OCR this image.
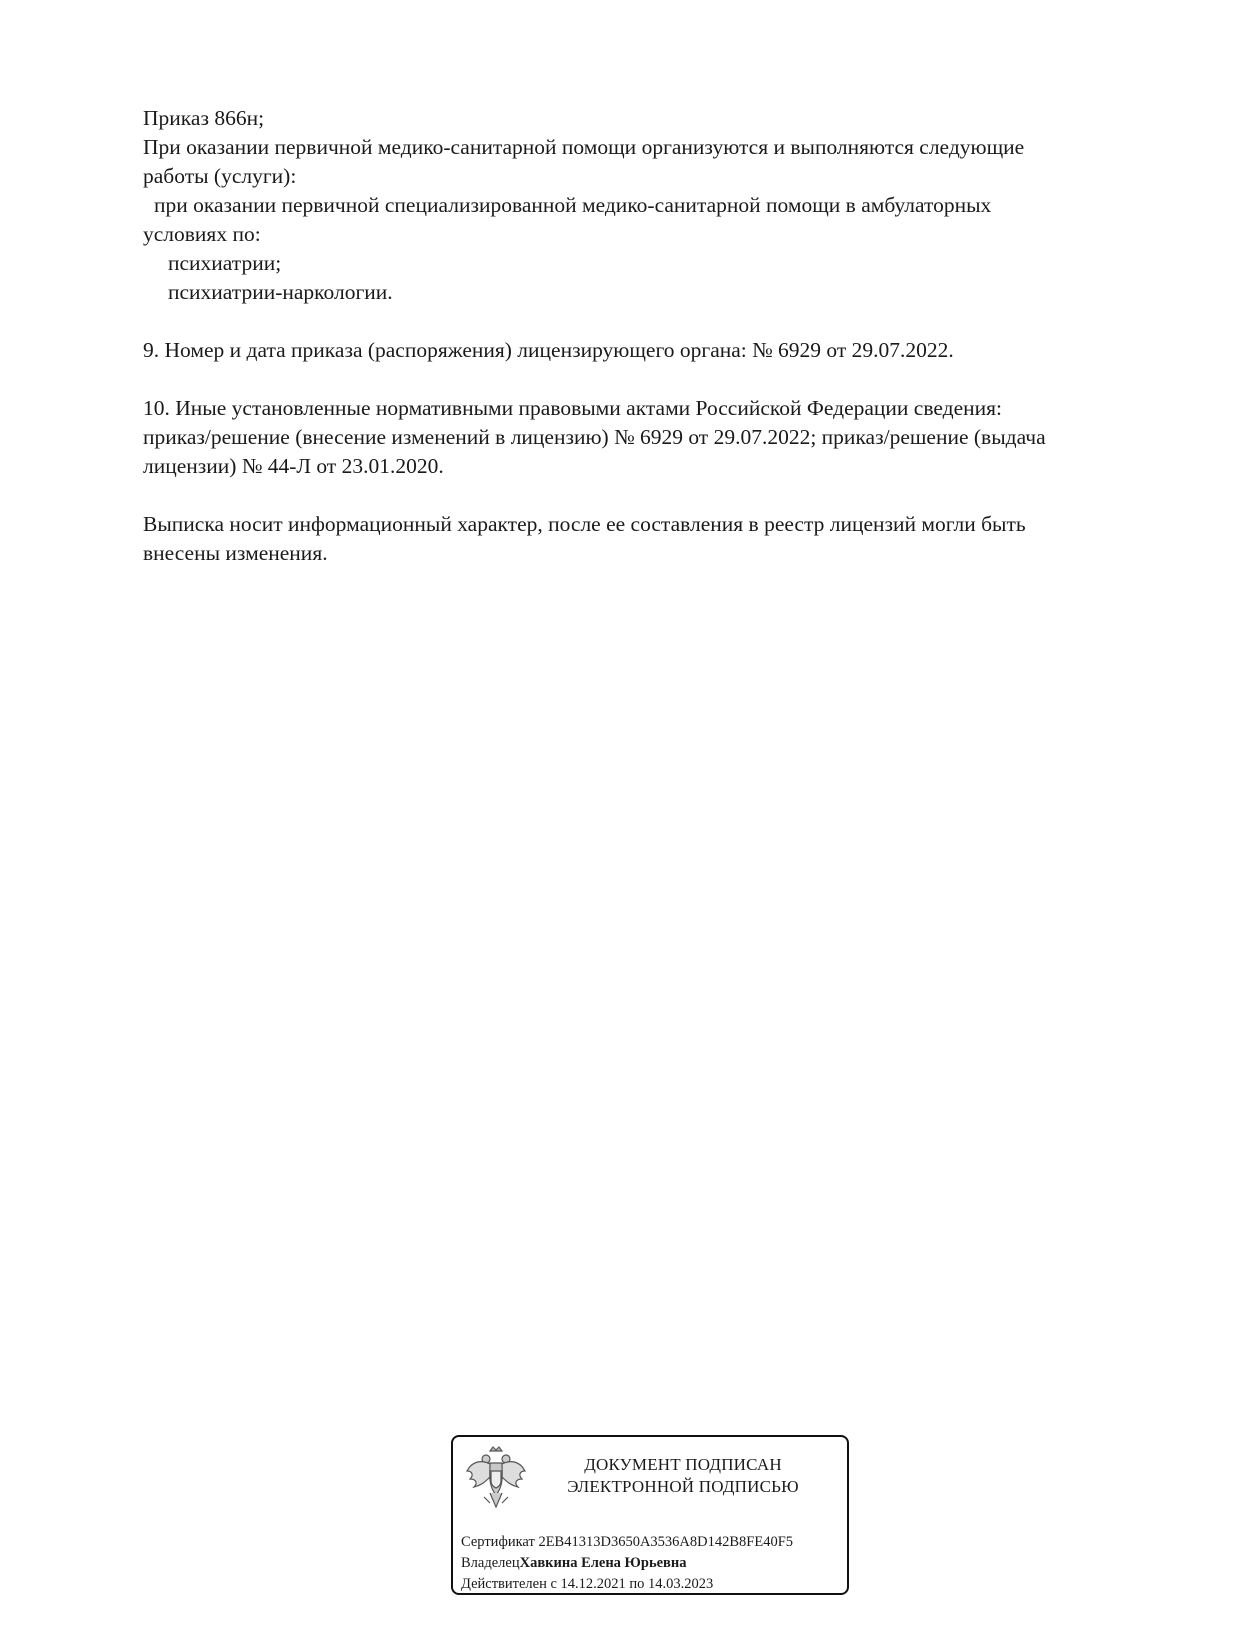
Приказ 866н;
При оказании первичной медико-санитарной помощи организуются и выполняются следующие
работы (услуги):
при оказании первичной специализированной медико-санитарной помощи в амбулаторных
условиях по:
психиатрии;
психиатрии-наркологии.
9. Номер и дата приказа (распоряжения) лицензирующего органа: № 6929 от 29.07.2022.
10. Иные установленные нормативными правовыми актами Российской Федерации сведения:
приказ/решение (внесение изменений в лицензию) № 6929 от 29.07.2022; приказ/решение (выдача
лицензии) № 44-Л от 23.01.2020.
Выписка носит информационный характер, после ее составления в реестр лицензий могли быть
внесены изменения.
ДОКУМЕНТ ПОДПИСАН
ЭЛЕКТРОННОЙ ПОДПИСЬЮ
Сертификат 2EB41313D3650A3536A8D142B8FE40F5
ВладелецХавкина Елена Юрьевна
Действителен с 14.12.2021 по 14.03.2023
